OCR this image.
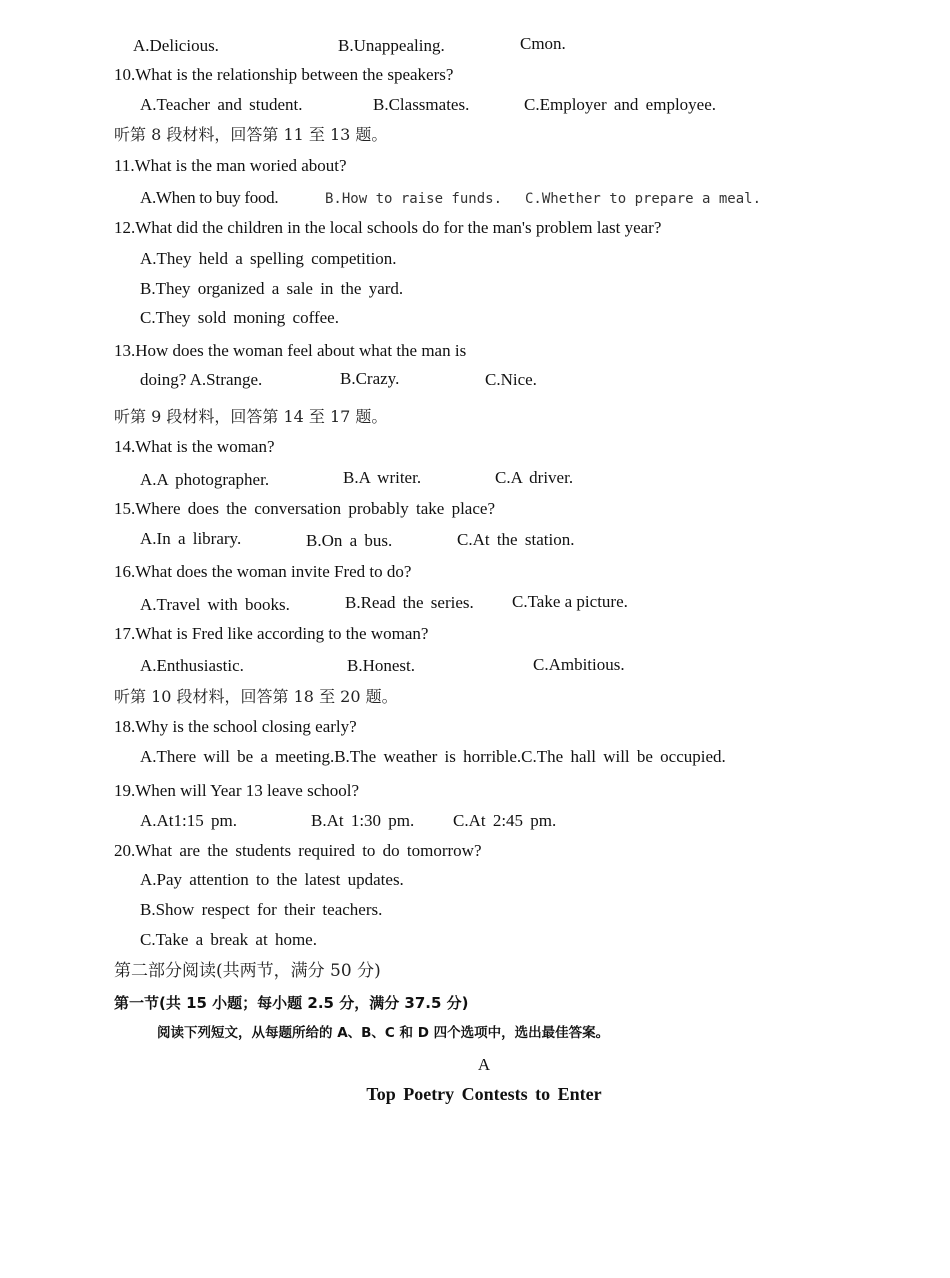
A.Delicious.	B.Unappealing.	Cmon.
10.What is the relationship between the speakers?
A.Teacher and student.	B.Classmates.	C.Employer and employee.
听第 8 段材料，回答第 11 至 13 题。
11.What is the man woried about?
A.When to buy food.	B.How to raise funds. C.Whether to prepare a meal.
12.What did the children in the local schools do for the man's problem last year?
A.They held a spelling competition.
B.They organized a sale in the yard.
C.They sold moning coffee.
13.How does the woman feel about what the man is
doing? A.Strange.	B.Crazy.	C.Nice.
听第 9 段材料，回答第 14 至 17 题。
14.What is the woman?
A.A photographer.	B.A writer.	C.A driver.
15.Where does the conversation probably take place?
A.In a library.	B.On a bus.	C.At the station.
16.What does the woman invite Fred to do?
A.Travel with books.	B.Read the series. C.Take a picture.
17.What is Fred like according to the woman?
A.Enthusiastic.	B.Honest.	C.Ambitious.
听第 10 段材料，回答第 18 至 20 题。
18.Why is the school closing early?
A.There will be a meeting.B.The weather is horrible.C.The hall will be occupied.
19.When will Year 13 leave school?
A.At1:15 pm.	B.At 1:30 pm. C.At 2:45 pm.
20.What are the students required to do tomorrow?
A.Pay attention to the latest updates.
B.Show respect for their teachers.
C.Take a break at home.
第二部分阅读(共两节，满分 50 分)
第一节(共 15 小题；每小题 2.5 分，满分 37.5 分)
阅读下列短文，从每题所给的 A、B、C 和 D 四个选项中，选出最佳答案。
A
Top Poetry Contests to Enter
